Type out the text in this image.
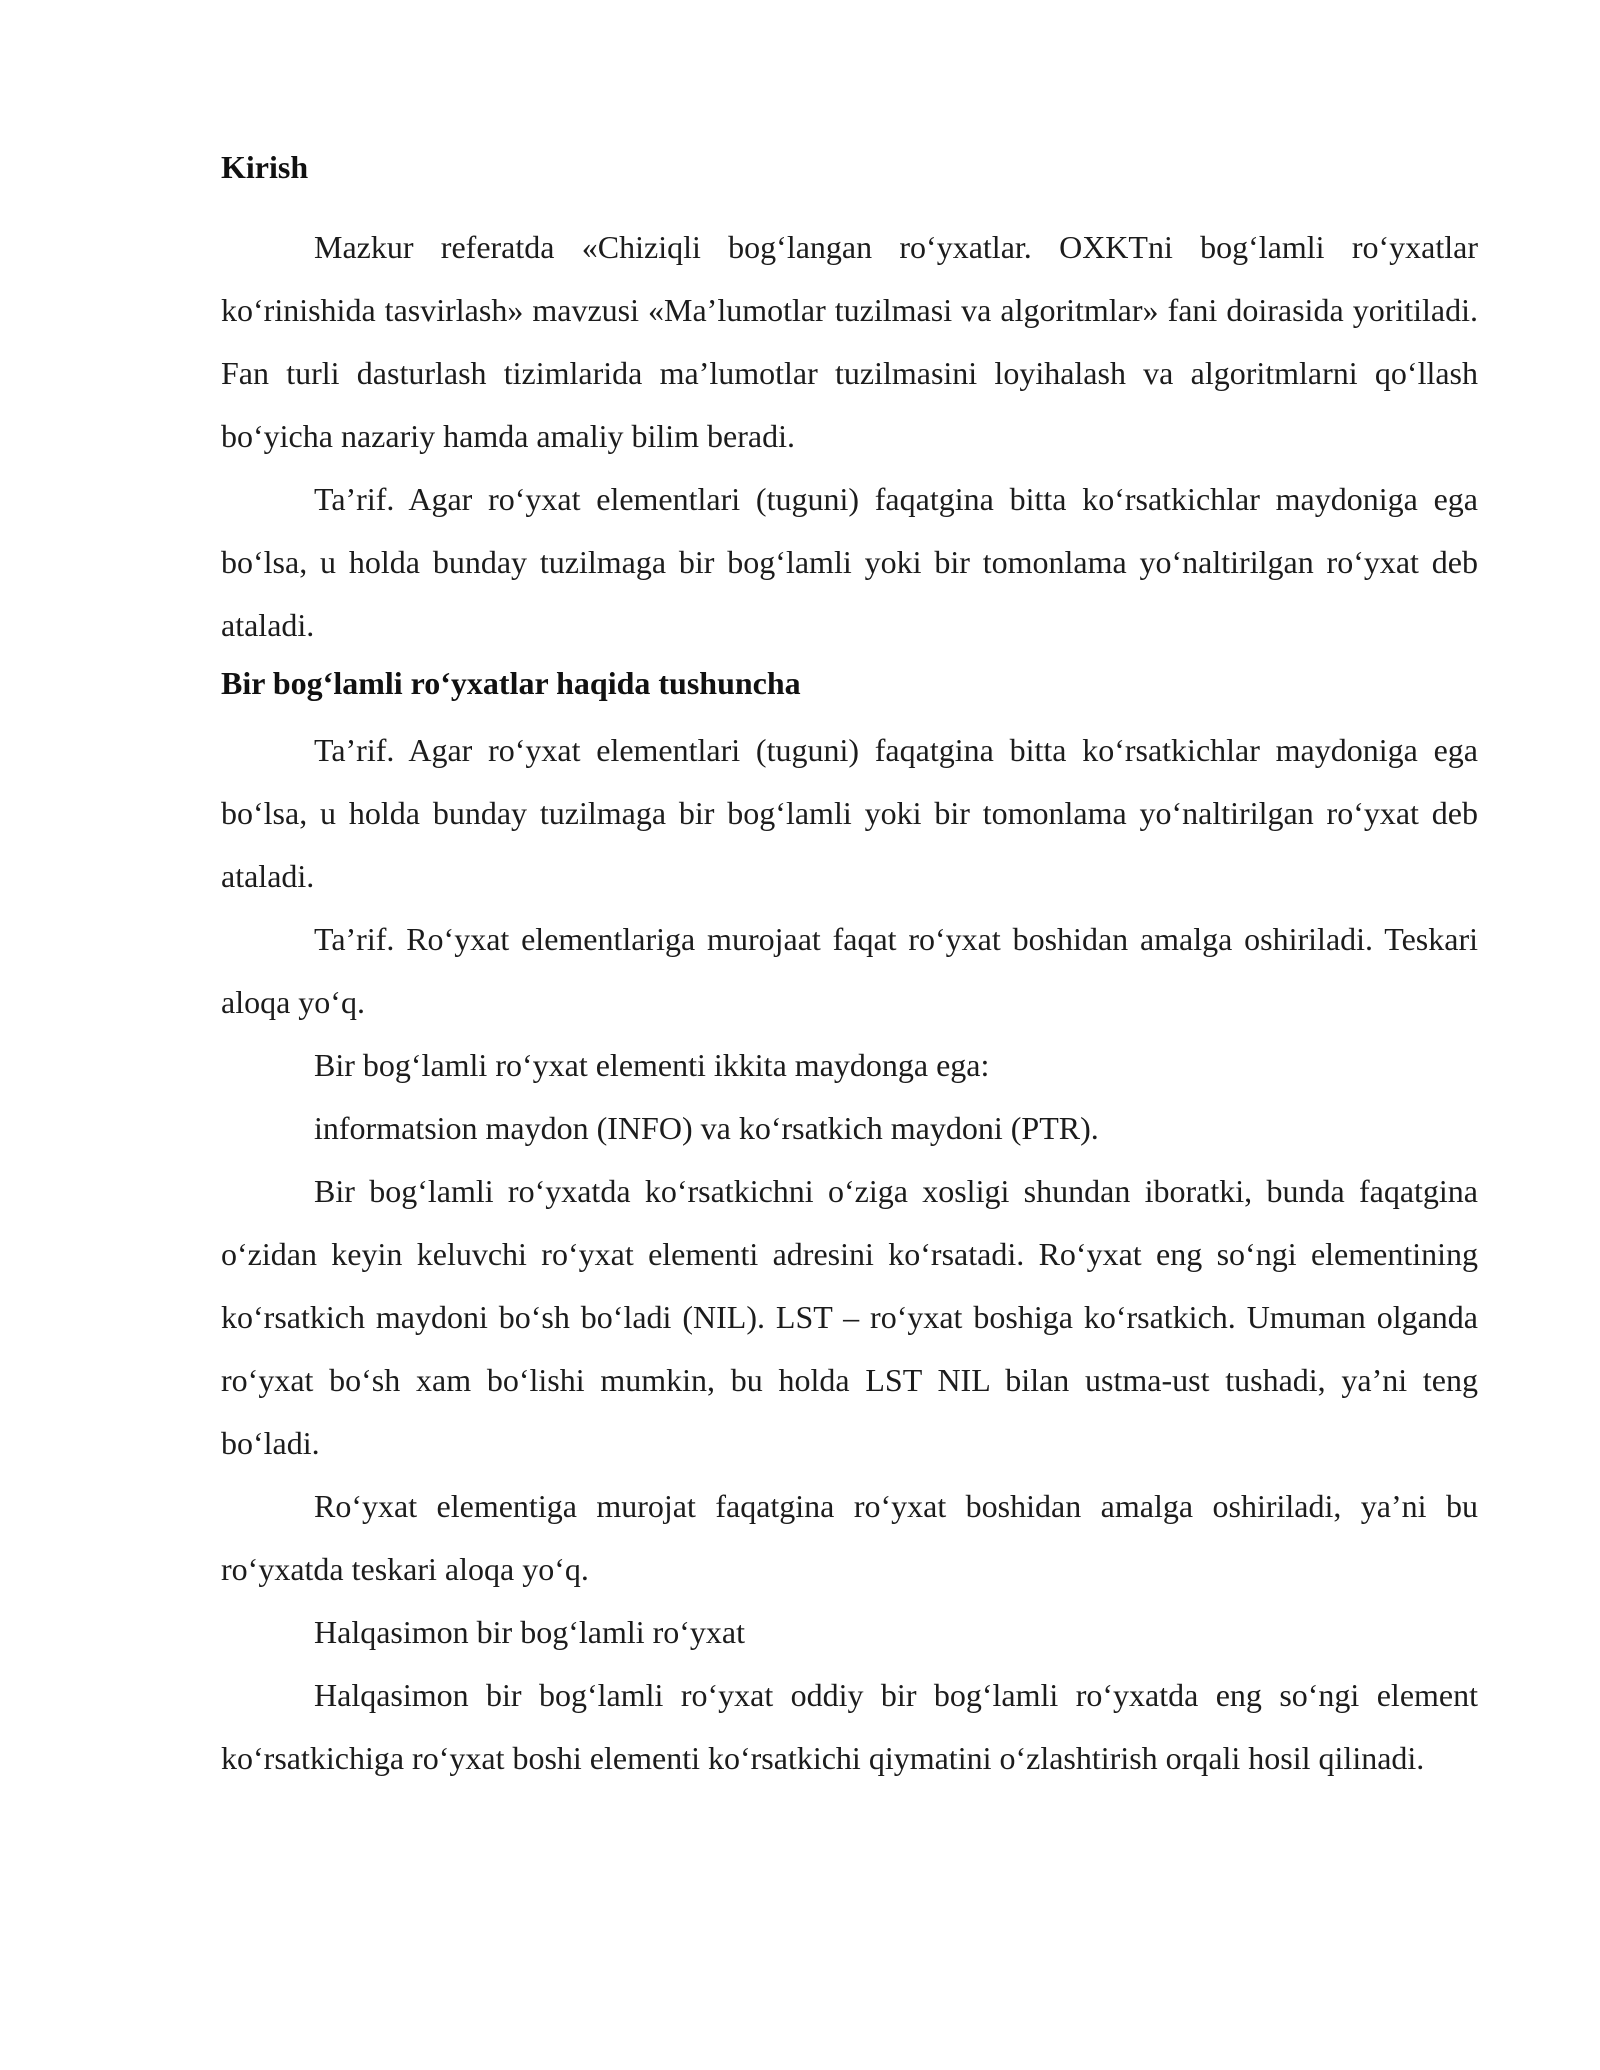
Kirish

Mazkur referatda «Chiziqli bog‘langan ro‘yxatlar. OXKTni bog‘lamli ro‘yxatlar ko‘rinishida tasvirlash» mavzusi «Ma’lumotlar tuzilmasi va algoritmlar» fani doirasida yoritiladi. Fan turli dasturlash tizimlarida ma’lumotlar tuzilmasini loyihalash va algoritmlarni qo‘llash bo‘yicha nazariy hamda amaliy bilim beradi.

Ta’rif. Agar ro‘yxat elementlari (tuguni) faqatgina bitta ko‘rsatkichlar maydoniga ega bo‘lsa, u holda bunday tuzilmaga bir bog‘lamli yoki bir tomonlama yo‘naltirilgan ro‘yxat deb ataladi.

Bir bog‘lamli ro‘yxatlar haqida tushuncha

Ta’rif. Agar ro‘yxat elementlari (tuguni) faqatgina bitta ko‘rsatkichlar maydoniga ega bo‘lsa, u holda bunday tuzilmaga bir bog‘lamli yoki bir tomonlama yo‘naltirilgan ro‘yxat deb ataladi.

Ta’rif. Ro‘yxat elementlariga murojaat faqat ro‘yxat boshidan amalga oshiriladi. Teskari aloqa yo‘q.

Bir bog‘lamli ro‘yxat elementi ikkita maydonga ega:

informatsion maydon (INFO) va ko‘rsatkich maydoni (PTR).

Bir bog‘lamli ro‘yxatda ko‘rsatkichni o‘ziga xosligi shundan iboratki, bunda faqatgina o‘zidan keyin keluvchi ro‘yxat elementi adresini ko‘rsatadi. Ro‘yxat eng so‘ngi elementining ko‘rsatkich maydoni bo‘sh bo‘ladi (NIL). LST – ro‘yxat boshiga ko‘rsatkich. Umuman olganda ro‘yxat bo‘sh xam bo‘lishi mumkin, bu holda LST NIL bilan ustma-ust tushadi, ya’ni teng bo‘ladi.

Ro‘yxat elementiga murojat faqatgina ro‘yxat boshidan amalga oshiriladi, ya’ni bu ro‘yxatda teskari aloqa yo‘q.

Halqasimon bir bog‘lamli ro‘yxat

Halqasimon bir bog‘lamli ro‘yxat oddiy bir bog‘lamli ro‘yxatda eng so‘ngi element ko‘rsatkichiga ro‘yxat boshi elementi ko‘rsatkichi qiymatini o‘zlashtirish orqali hosil qilinadi.
